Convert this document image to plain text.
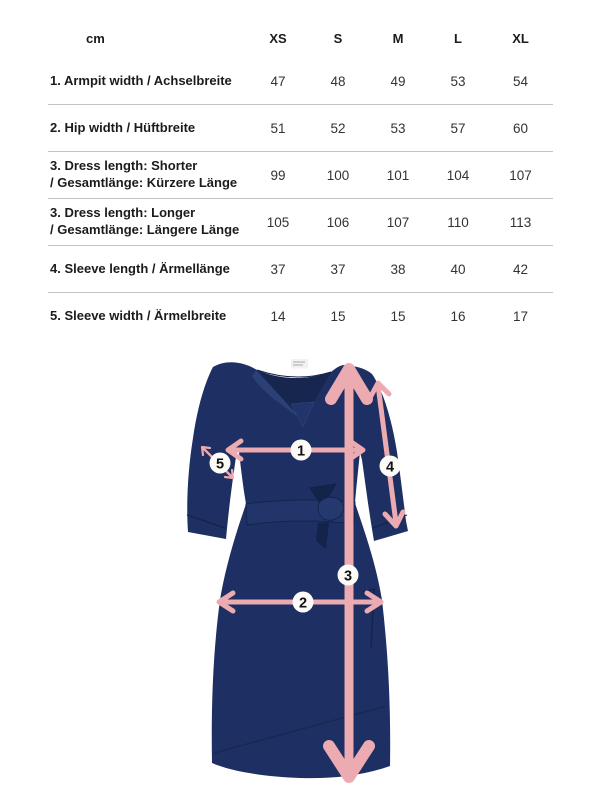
cm	XS	S	M	L	XL
1. Armpit width / Achselbreite	47	48	49	53	54
2. Hip width / Hüftbreite	51	52	53	57	60
3. Dress length: Shorter
/ Gesamtlänge: Kürzere Länge	99	100	101	104	107
3. Dress length: Longer
/ Gesamtlänge: Längere Länge	105	106	107	110	113
4. Sleeve length / Ärmellänge	37	37	38	40	42
5. Sleeve width / Ärmelbreite	14	15	15	16	17
1
2
3
4
5
